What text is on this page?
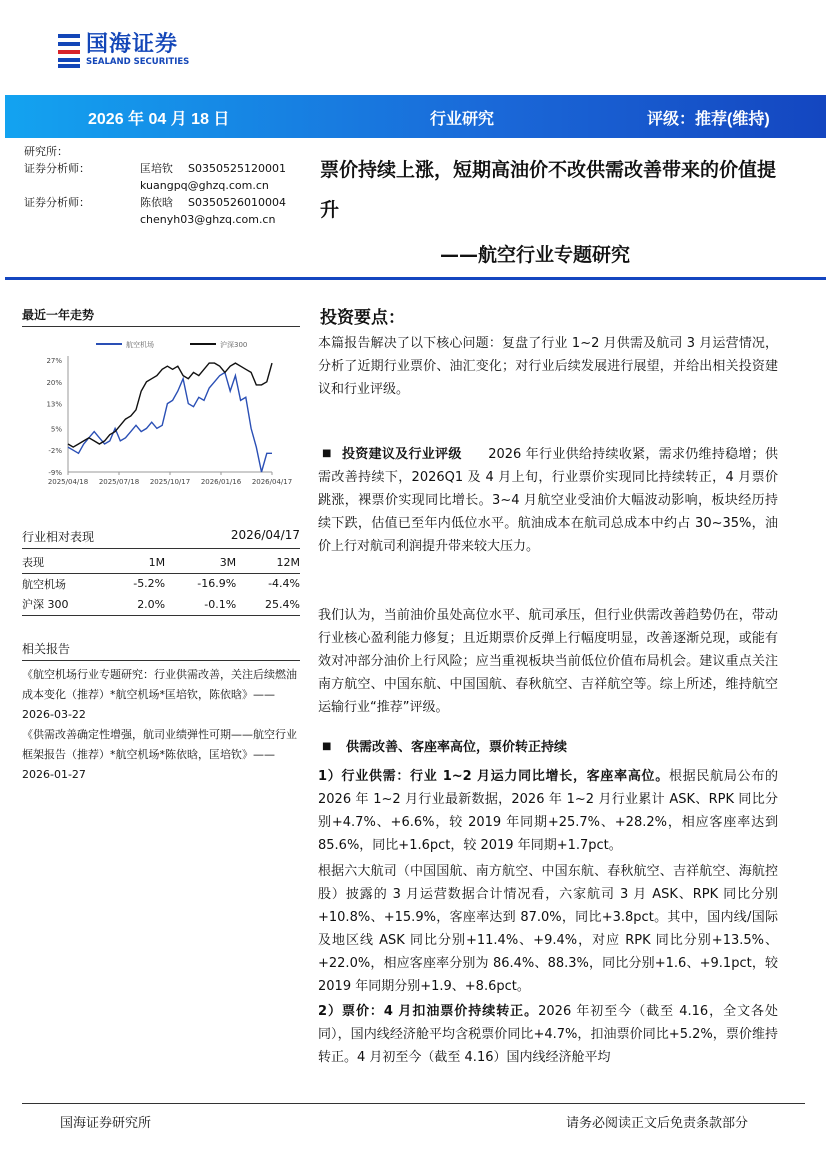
国海证券
SEALAND SECURITIES
2026 年 04 月 18 日	行业研究	评级：推荐(维持)
研究所：
证券分析师：	匡培钦	S0350525120001
kuangpq@ghzq.com.cn
证券分析师：	陈依晗	S0350526010004
chenyh03@ghzq.com.cn
票价持续上涨，短期高油价不改供需改善带来的价值提升
——航空行业专题研究
最近一年走势
27%
20%
13%
5%
-2%
-9%
2025/04/18 2025/07/18 2025/10/17 2026/01/16 2026/04/17
航空机场	沪深300
行业相对表现	2026/04/17
表现	1M	3M	12M
航空机场	-5.2%	-16.9%	-4.4%
沪深 300	2.0%	-0.1%	25.4%
相关报告
《航空机场行业专题研究：行业供需改善，关注后续燃油成本变化（推荐）*航空机场*匡培钦，陈依晗》——2026-03-22
《供需改善确定性增强，航司业绩弹性可期——航空行业框架报告（推荐）*航空机场*陈依晗，匡培钦》——2026-01-27
投资要点：
本篇报告解决了以下核心问题：复盘了行业 1~2 月供需及航司 3 月运营情况，分析了近期行业票价、油汇变化；对行业后续发展进行展望，并给出相关投资建议和行业评级。
■ 投资建议及行业评级　　2026 年行业供给持续收紧，需求仍维持稳增；供需改善持续下，2026Q1 及 4 月上旬，行业票价实现同比持续转正，4 月票价跳涨，裸票价实现同比增长。3~4 月航空业受油价大幅波动影响，板块经历持续下跌，估值已至年内低位水平。航油成本在航司总成本中约占 30~35%，油价上行对航司利润提升带来较大压力。
我们认为，当前油价虽处高位水平、航司承压，但行业供需改善趋势仍在，带动行业核心盈利能力修复；且近期票价反弹上行幅度明显，改善逐渐兑现，或能有效对冲部分油价上行风险；应当重视板块当前低位价值布局机会。建议重点关注南方航空、中国东航、中国国航、春秋航空、吉祥航空等。综上所述，维持航空运输行业“推荐”评级。
■ 供需改善、客座率高位，票价转正持续
1）行业供需：行业 1~2 月运力同比增长，客座率高位。根据民航局公布的 2026 年 1~2 月行业最新数据，2026 年 1~2 月行业累计 ASK、RPK 同比分别+4.7%、+6.6%，较 2019 年同期+25.7%、+28.2%，相应客座率达到 85.6%，同比+1.6pct，较 2019 年同期+1.7pct。
根据六大航司（中国国航、南方航空、中国东航、春秋航空、吉祥航空、海航控股）披露的 3 月运营数据合计情况看，六家航司 3 月 ASK、RPK 同比分别+10.8%、+15.9%，客座率达到 87.0%，同比+3.8pct。其中，国内线/国际及地区线 ASK 同比分别+11.4%、+9.4%，对应 RPK 同比分别+13.5%、+22.0%，相应客座率分别为 86.4%、88.3%，同比分别+1.6、+9.1pct，较 2019 年同期分别+1.9、+8.6pct。
2）票价：4 月扣油票价持续转正。2026 年初至今（截至 4.16，全文各处同），国内线经济舱平均含税票价同比+4.7%，扣油票价同比+5.2%，票价维持转正。4 月初至今（截至 4.16）国内线经济舱平均
国海证券研究所	请务必阅读正文后免责条款部分
